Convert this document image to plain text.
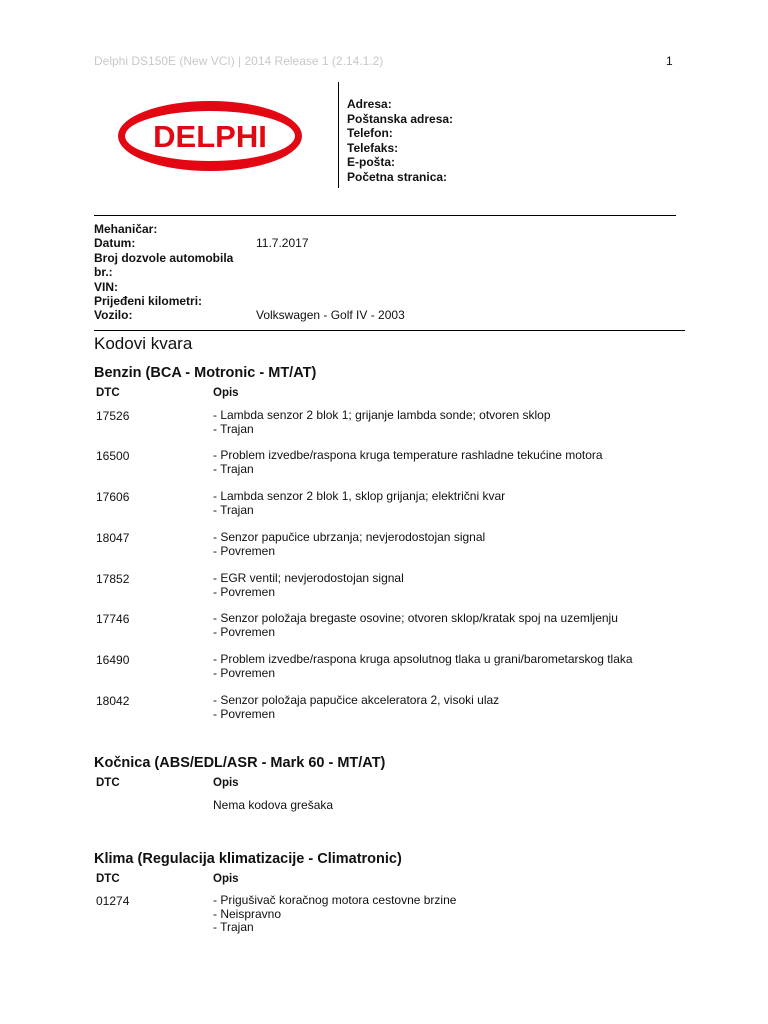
Delphi DS150E (New VCI) | 2014 Release 1 (2.14.1.2)	1
DELPHI
Adresa:
Poštanska adresa:
Telefon:
Telefaks:
E-pošta:
Početna stranica:
Mehaničar:
Datum:	11.7.2017
Broj dozvole automobila
br.:
VIN:
Prijeđeni kilometri:
Vozilo:	Volkswagen - Golf IV - 2003
Kodovi kvara
Benzin (BCA - Motronic - MT/AT)
DTC	Opis
17526	- Lambda senzor 2 blok 1; grijanje lambda sonde; otvoren sklop
- Trajan
16500	- Problem izvedbe/raspona kruga temperature rashladne tekućine motora
- Trajan
17606	- Lambda senzor 2 blok 1, sklop grijanja; električni kvar
- Trajan
18047	- Senzor papučice ubrzanja; nevjerodostojan signal
- Povremen
17852	- EGR ventil; nevjerodostojan signal
- Povremen
17746	- Senzor položaja bregaste osovine; otvoren sklop/kratak spoj na uzemljenju
- Povremen
16490	- Problem izvedbe/raspona kruga apsolutnog tlaka u grani/barometarskog tlaka
- Povremen
18042	- Senzor položaja papučice akceleratora 2, visoki ulaz
- Povremen
Kočnica (ABS/EDL/ASR - Mark 60 - MT/AT)
DTC	Opis
Nema kodova grešaka
Klima (Regulacija klimatizacije - Climatronic)
DTC	Opis
01274	- Prigušivač koračnog motora cestovne brzine
- Neispravno
- Trajan
